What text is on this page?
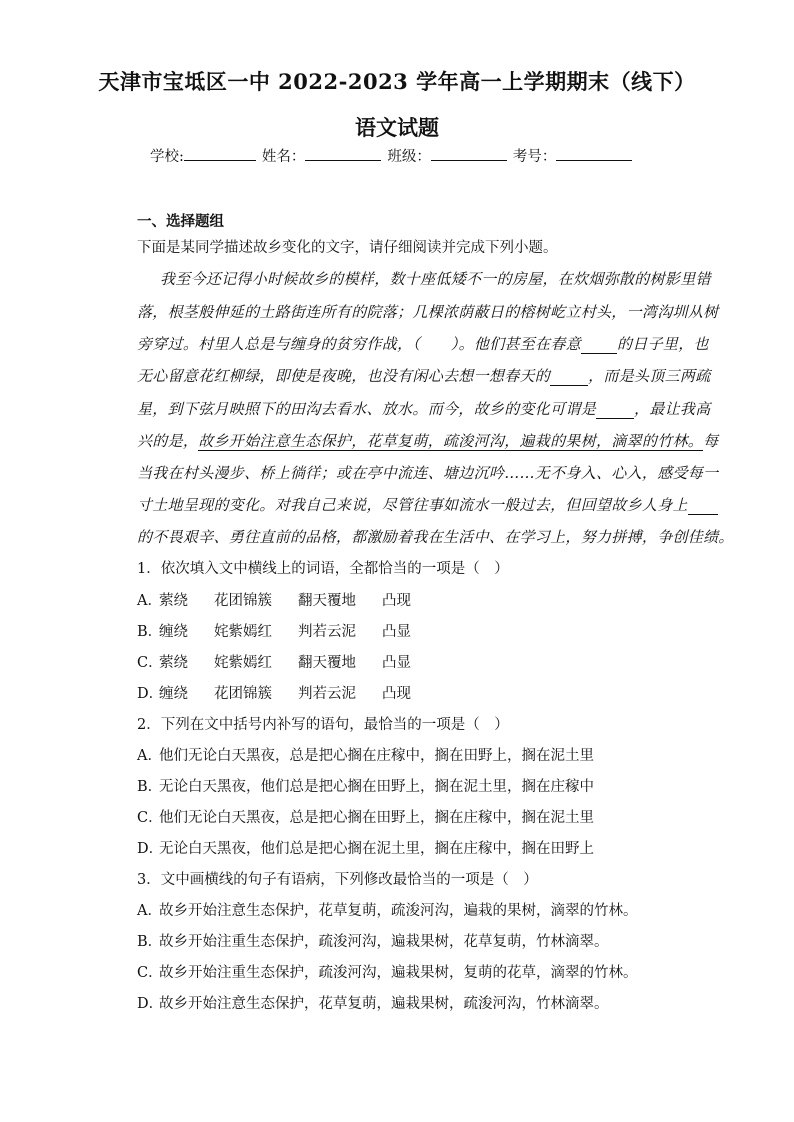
天津市宝坻区一中 2022-2023 学年高一上学期期末（线下）
语文试题
学校:	姓名：	班级：	考号：
一、选择题组
下面是某同学描述故乡变化的文字，请仔细阅读并完成下列小题。
我至今还记得小时候故乡的模样，数十座低矮不一的房屋，在炊烟弥散的树影里错
落，根茎般伸延的土路街连所有的院落；几棵浓荫蔽日的榕树屹立村头，一湾沟圳从树
旁穿过。村里人总是与缠身的贫穷作战，（　　）。他们甚至在春意 的日子里，也
无心留意花红柳绿，即使是夜晚，也没有闲心去想一想春天的	，而是头顶三两疏
星，到下弦月映照下的田沟去看水、放水。而今，故乡的变化可谓是	，最让我高
兴的是，故乡开始注意生态保护，花草复萌，疏浚河沟，遍栽的果树，滴翠的竹林。每
当我在村头漫步、桥上徜徉；或在亭中流连、塘边沉吟……无不身入、心入，感受每一
寸土地呈现的变化。对我自己来说，尽管往事如流水一般过去，但回望故乡人身上
的不畏艰辛、勇往直前的品格，都激励着我在生活中、在学习上，努力拼搏，争创佳绩。
1．依次填入文中横线上的词语，全都恰当的一项是（　）
A．萦绕 花团锦簇 翻天覆地 凸现
B．缠绕 姹紫嫣红 判若云泥 凸显
C．萦绕 姹紫嫣红 翻天覆地 凸显
D．缠绕 花团锦簇 判若云泥 凸现
2．下列在文中括号内补写的语句，最恰当的一项是（　）
A．他们无论白天黑夜，总是把心搁在庄稼中，搁在田野上，搁在泥土里
B．无论白天黑夜，他们总是把心搁在田野上，搁在泥土里，搁在庄稼中
C．他们无论白天黑夜，总是把心搁在田野上，搁在庄稼中，搁在泥土里
D．无论白天黑夜，他们总是把心搁在泥土里，搁在庄稼中，搁在田野上
3．文中画横线的句子有语病，下列修改最恰当的一项是（　）
A．故乡开始注意生态保护，花草复萌，疏浚河沟，遍栽的果树，滴翠的竹林。
B．故乡开始注重生态保护，疏浚河沟，遍栽果树，花草复萌，竹林滴翠。
C．故乡开始注重生态保护，疏浚河沟，遍栽果树，复萌的花草，滴翠的竹林。
D．故乡开始注意生态保护，花草复萌，遍栽果树，疏浚河沟，竹林滴翠。
